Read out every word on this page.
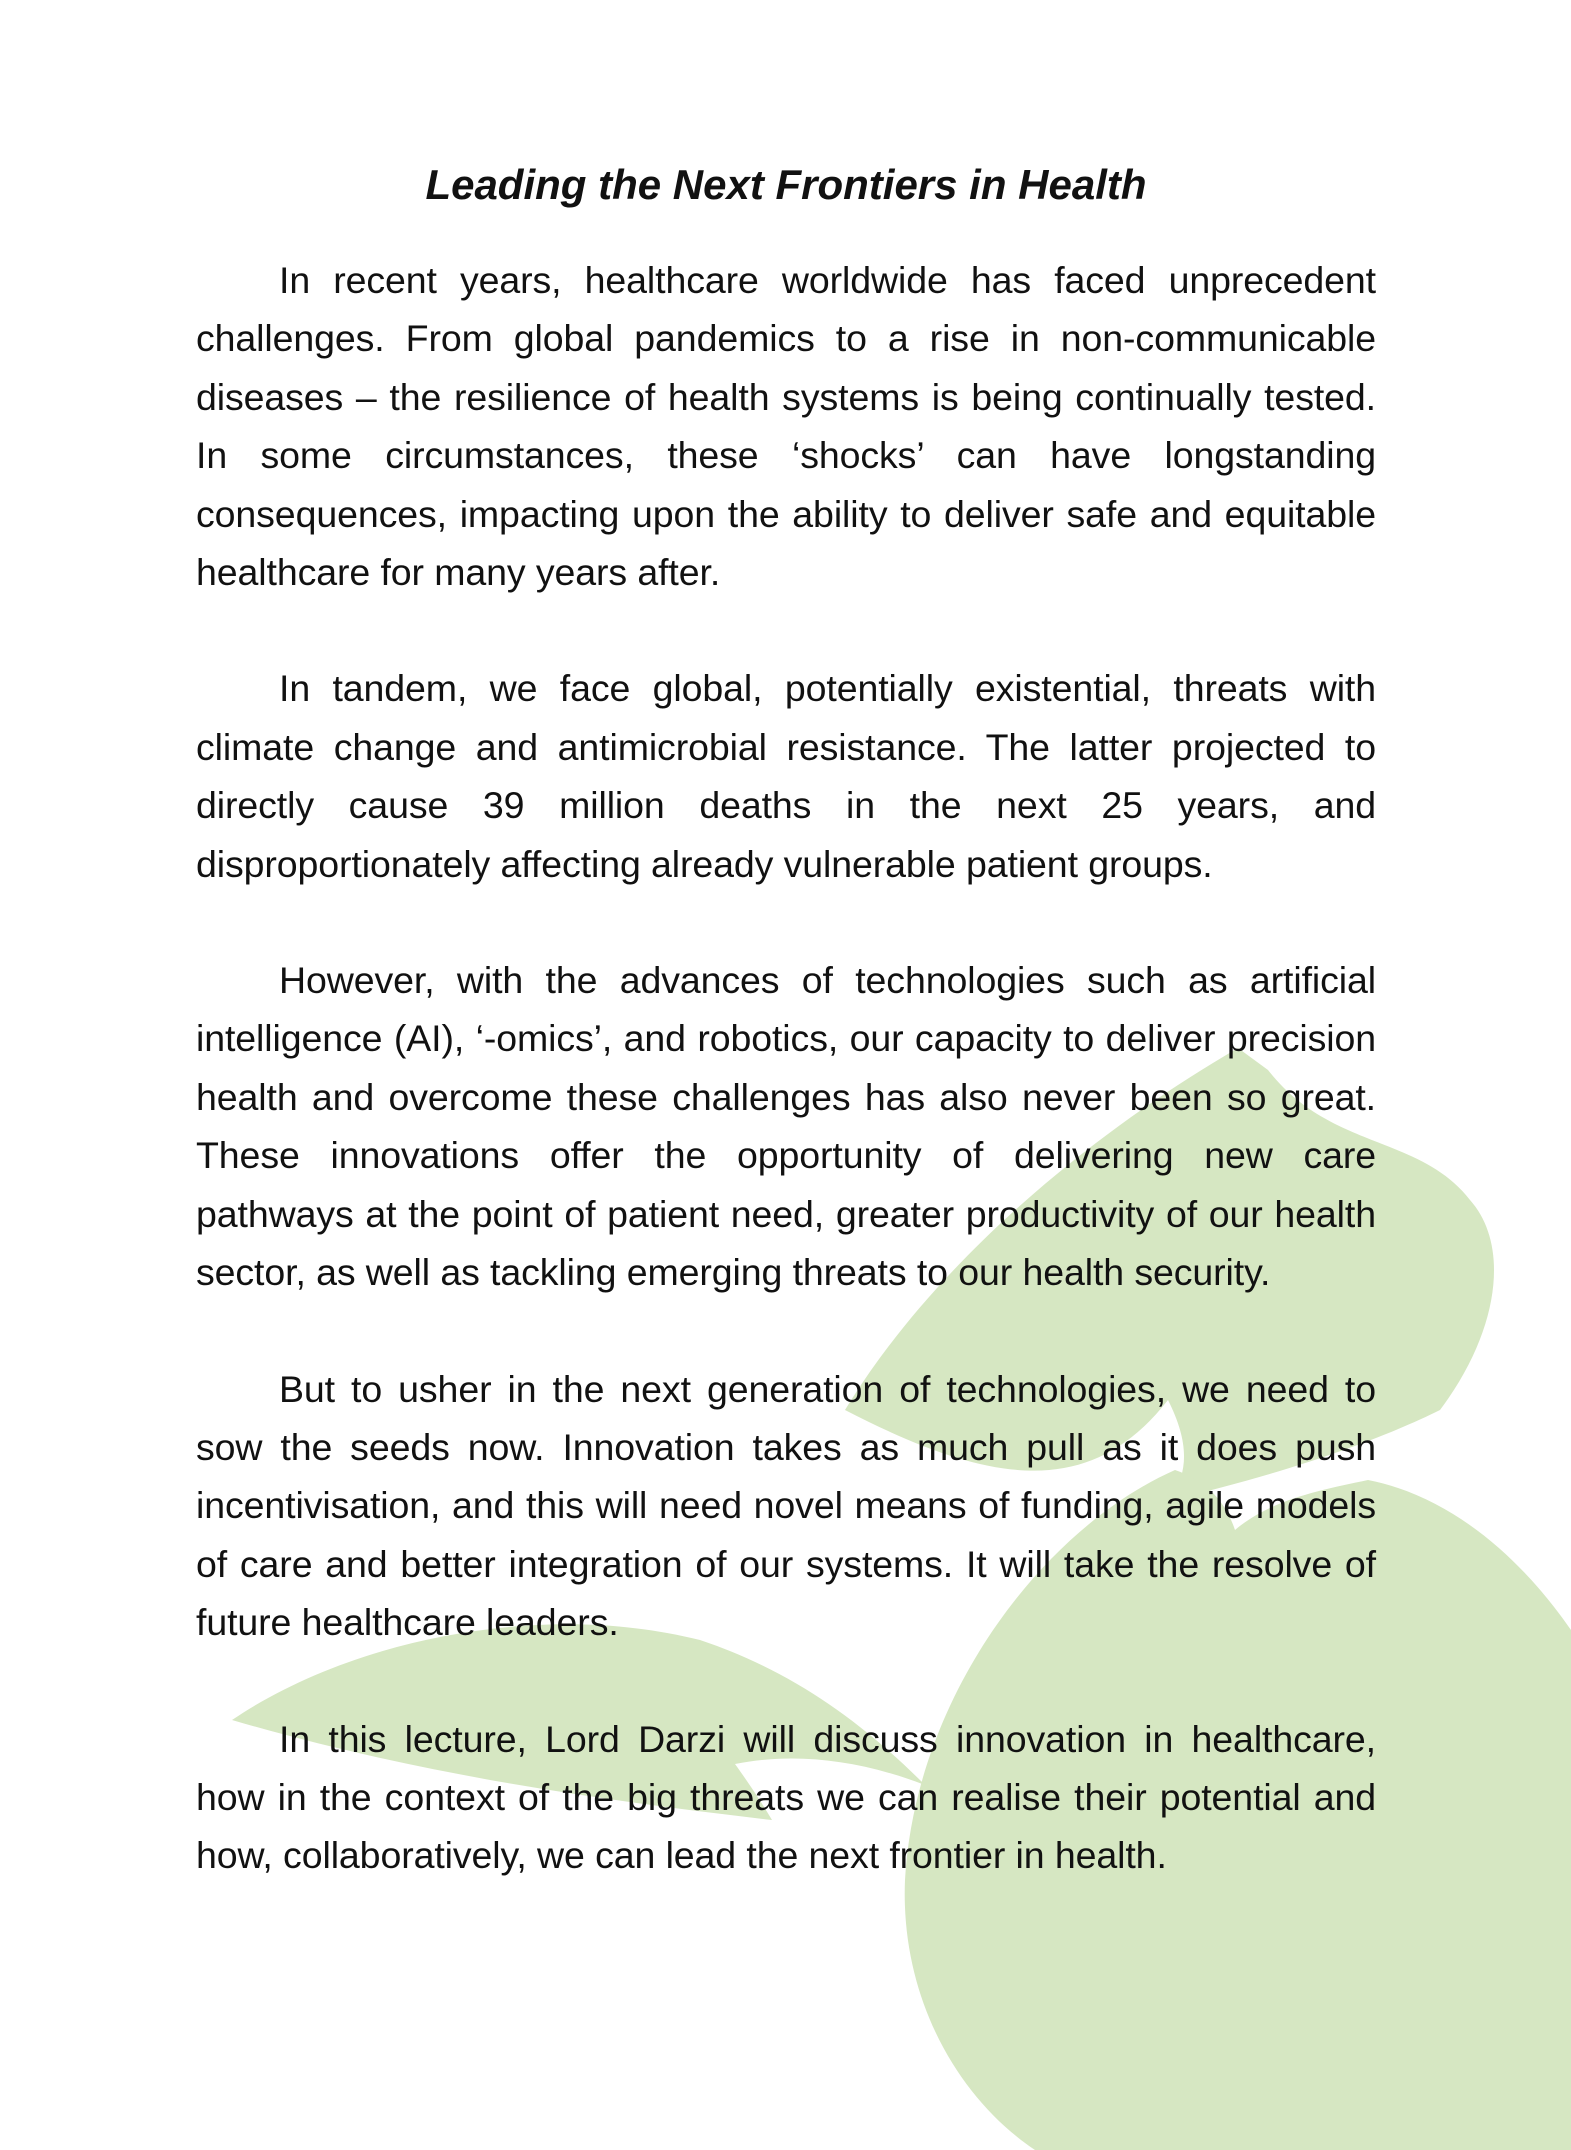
Leading the Next Frontiers in Health

In recent years, healthcare worldwide has faced unprecedent challenges. From global pandemics to a rise in non-communicable diseases – the resilience of health systems is being continually tested. In some circumstances, these ‘shocks’ can have longstanding consequences, impacting upon the ability to deliver safe and equitable healthcare for many years after.

In tandem, we face global, potentially existential, threats with climate change and antimicrobial resistance. The latter projected to directly cause 39 million deaths in the next 25 years, and disproportionately affecting already vulnerable patient groups.

However, with the advances of technologies such as artificial intelligence (AI), ‘-omics’, and robotics, our capacity to deliver precision health and overcome these challenges has also never been so great. These innovations offer the opportunity of delivering new care pathways at the point of patient need, greater productivity of our health sector, as well as tackling emerging threats to our health security.

But to usher in the next generation of technologies, we need to sow the seeds now. Innovation takes as much pull as it does push incentivisation, and this will need novel means of funding, agile models of care and better integration of our systems. It will take the resolve of future healthcare leaders.

In this lecture, Lord Darzi will discuss innovation in healthcare, how in the context of the big threats we can realise their potential and how, collaboratively, we can lead the next frontier in health.
